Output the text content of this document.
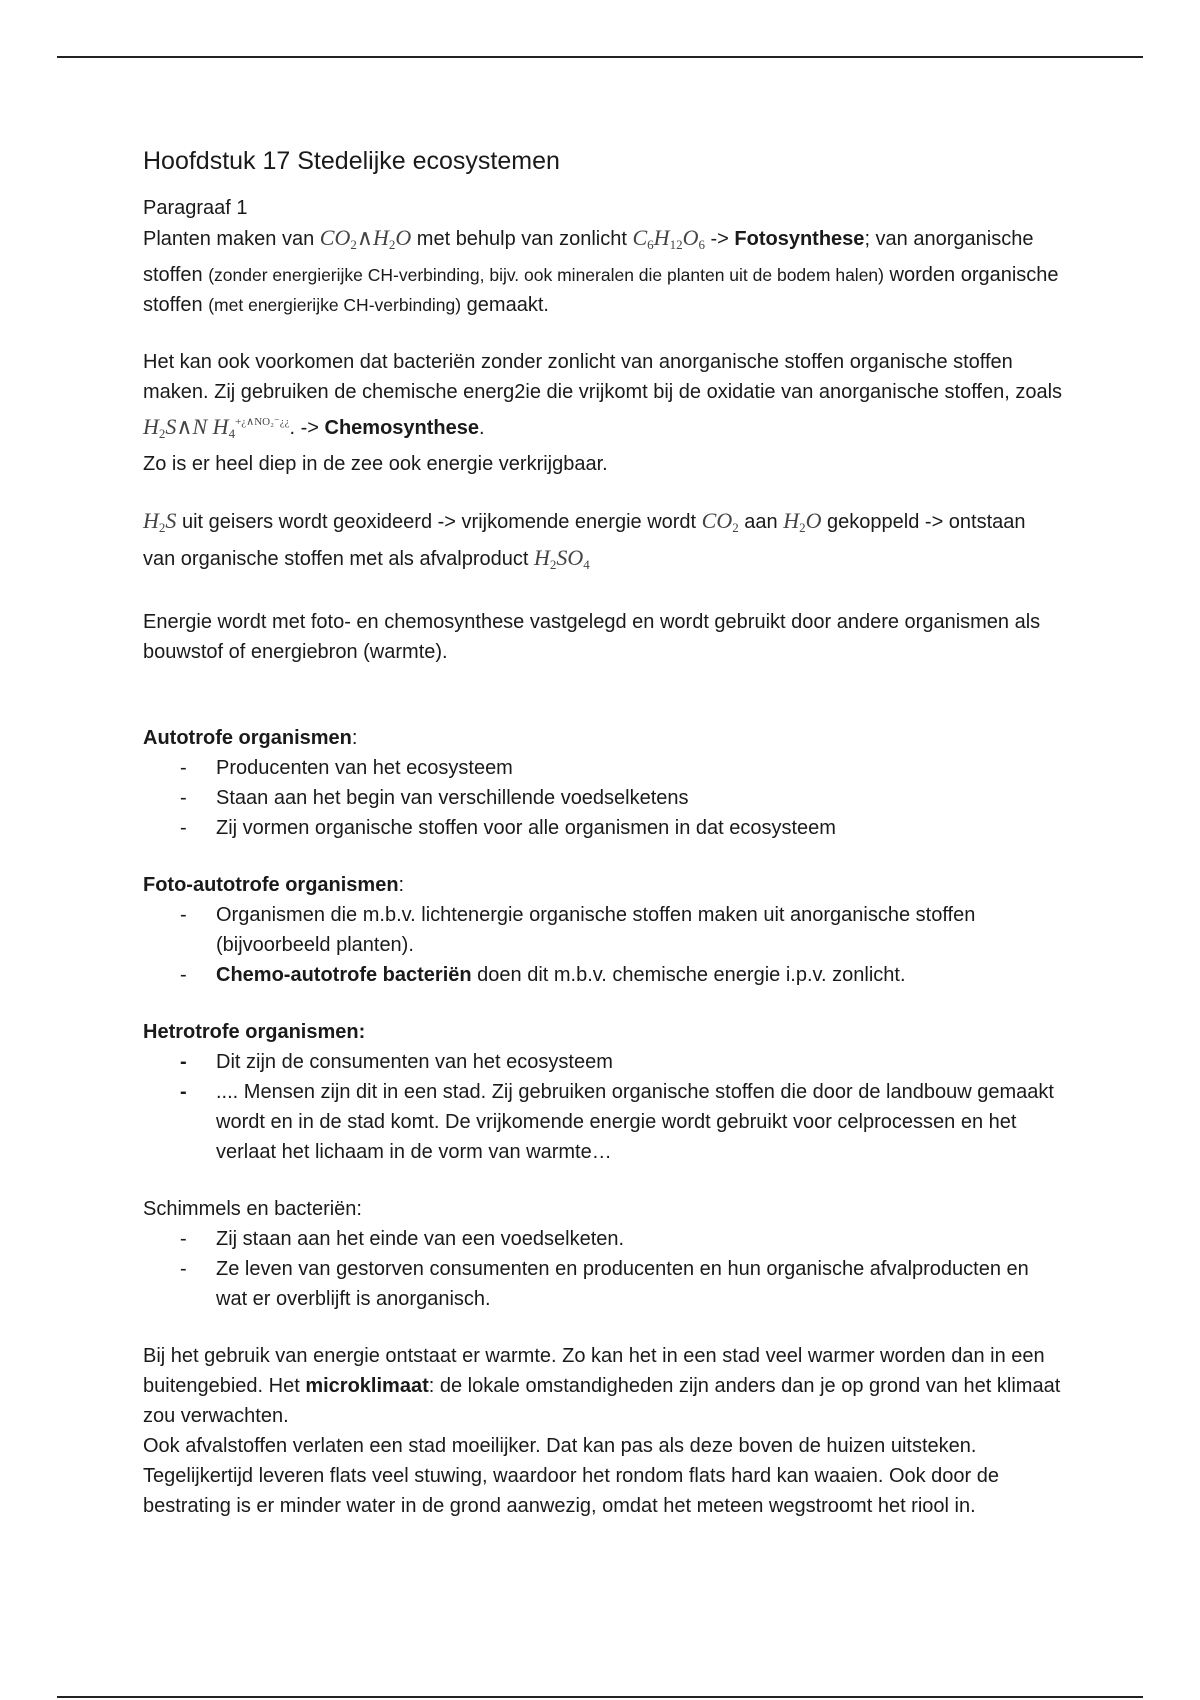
Hoofdstuk 17 Stedelijke ecosystemen

Paragraaf 1

Planten maken van $CO_2\wedge H_2O$ met behulp van zonlicht $C_6H_{12}O_6$ -> Fotosynthese; van anorganische stoffen (zonder energierijke CH-verbinding, bijv. ook mineralen die planten uit de bodem halen) worden organische stoffen (met energierijke CH-verbinding) gemaakt.

Het kan ook voorkomen dat bacteriën zonder zonlicht van anorganische stoffen organische stoffen maken. Zij gebruiken de chemische energ2ie die vrijkomt bij de oxidatie van anorganische stoffen, zoals $H_2S\wedge N$ $H_4^{+¿\wedge NO_2^-¿¿}$. -> Chemosynthese.

Zo is er heel diep in de zee ook energie verkrijgbaar.

$H_2S$ uit geisers wordt geoxideerd -> vrijkomende energie wordt $CO_2$ aan $H_2O$ gekoppeld -> ontstaan van organische stoffen met als afvalproduct $H_2SO_4$

Energie wordt met foto- en chemosynthese vastgelegd en wordt gebruikt door andere organismen als bouwstof of energiebron (warmte).

Autotrofe organismen:

- Producenten van het ecosysteem
- Staan aan het begin van verschillende voedselketens
- Zij vormen organische stoffen voor alle organismen in dat ecosysteem

Foto-autotrofe organismen:

- Organismen die m.b.v. lichtenergie organische stoffen maken uit anorganische stoffen (bijvoorbeeld planten).
- Chemo-autotrofe bacteriën doen dit m.b.v. chemische energie i.p.v. zonlicht.

Hetrotrofe organismen:

- Dit zijn de consumenten van het ecosysteem
- .... Mensen zijn dit in een stad. Zij gebruiken organische stoffen die door de landbouw gemaakt wordt en in de stad komt. De vrijkomende energie wordt gebruikt voor celprocessen en het verlaat het lichaam in de vorm van warmte…

Schimmels en bacteriën:

- Zij staan aan het einde van een voedselketen.
- Ze leven van gestorven consumenten en producenten en hun organische afvalproducten en wat er overblijft is anorganisch.

Bij het gebruik van energie ontstaat er warmte. Zo kan het in een stad veel warmer worden dan in een buitengebied. Het microklimaat: de lokale omstandigheden zijn anders dan je op grond van het klimaat zou verwachten.

Ook afvalstoffen verlaten een stad moeilijker. Dat kan pas als deze boven de huizen uitsteken. Tegelijkertijd leveren flats veel stuwing, waardoor het rondom flats hard kan waaien. Ook door de bestrating is er minder water in de grond aanwezig, omdat het meteen wegstroomt het riool in.
